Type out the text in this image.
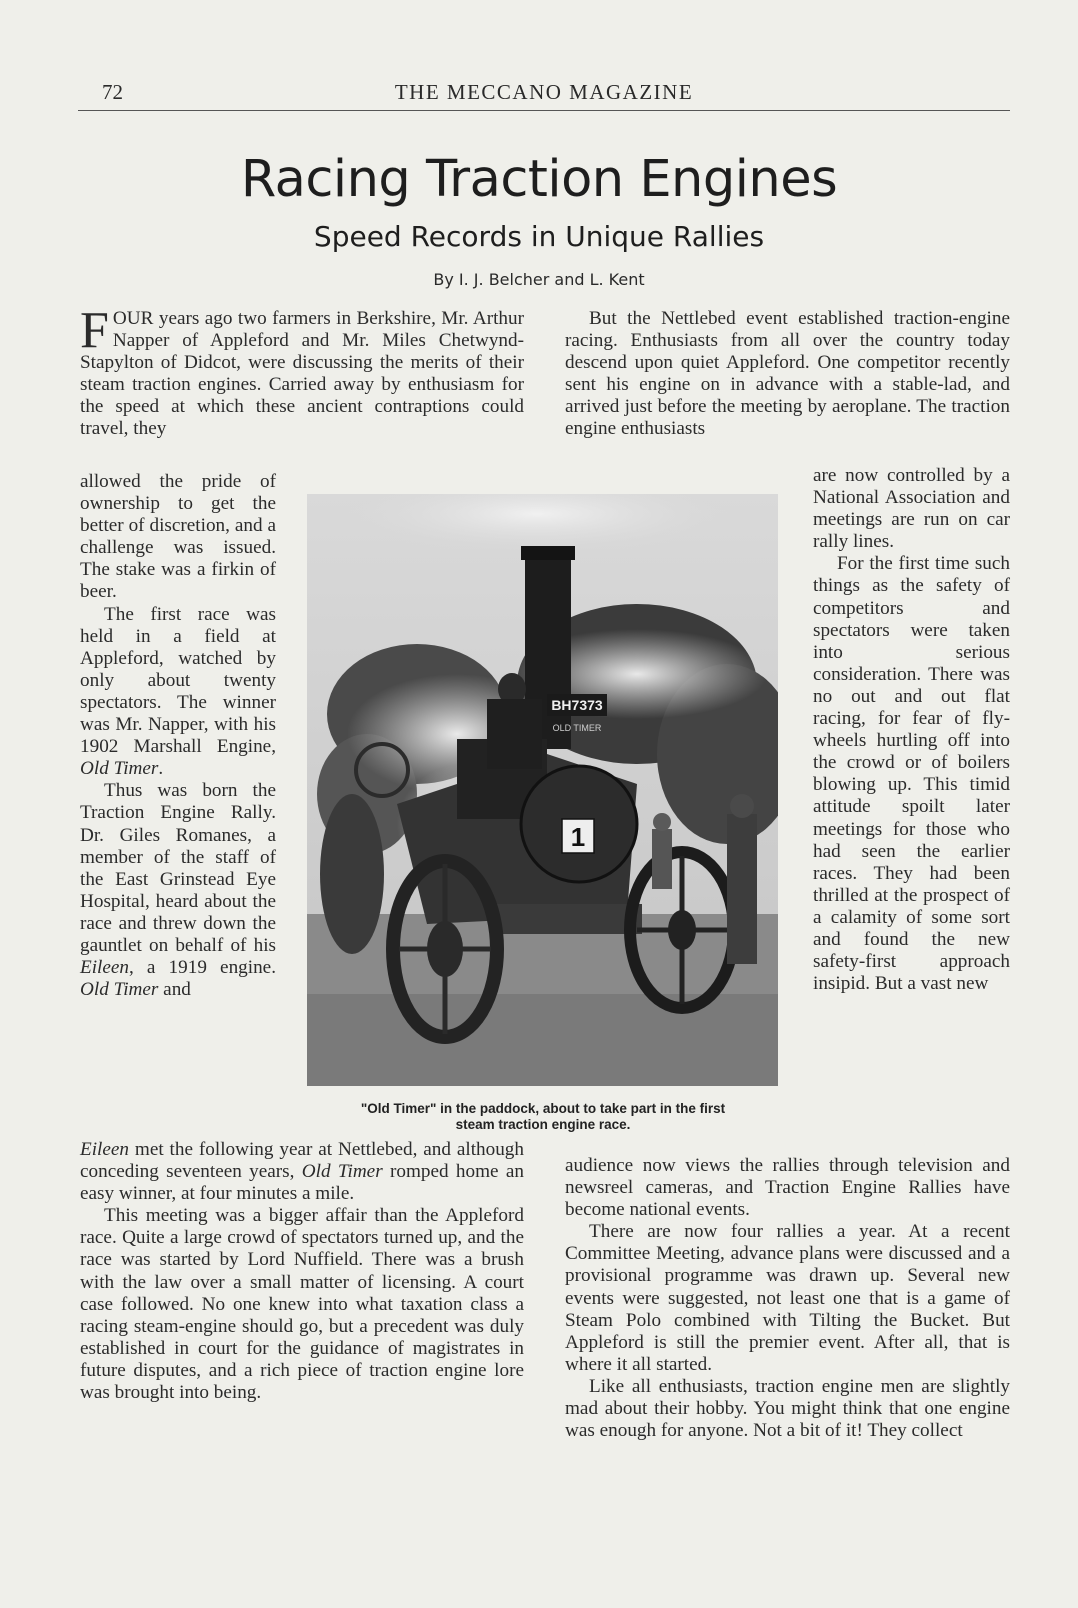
72	THE MECCANO MAGAZINE
Racing Traction Engines
Speed Records in Unique Rallies
By I. J. Belcher and L. Kent

FOUR years ago two farmers in Berkshire, Mr. Arthur Napper of Appleford and Mr. Miles Chetwynd-Stapylton of Didcot, were discussing the merits of their steam traction engines. Carried away by enthusiasm for the speed at which these ancient contraptions could travel, they

allowed the pride of ownership to get the better of discretion, and a challenge was issued. The stake was a firkin of beer.

The first race was held in a field at Appleford, watched by only about twenty spectators. The winner was Mr. Napper, with his 1902 Marshall Engine, Old Timer.

Thus was born the Traction Engine Rally. Dr. Giles Romanes, a member of the staff of the East Grinstead Eye Hospital, heard about the race and threw down the gauntlet on behalf of his Eileen, a 1919 engine. Old Timer and

Eileen met the following year at Nettlebed, and although conceding seventeen years, Old Timer romped home an easy winner, at four minutes a mile.

This meeting was a bigger affair than the Appleford race. Quite a large crowd of spectators turned up, and the race was started by Lord Nuffield. There was a brush with the law over a small matter of licensing. A court case followed. No one knew into what taxation class a racing steam-engine should go, but a precedent was duly established in court for the guidance of magistrates in future disputes, and a rich piece of traction engine lore was brought into being.

But the Nettlebed event established traction-engine racing. Enthusiasts from all over the country today descend upon quiet Appleford. One competitor recently sent his engine on in advance with a stable-lad, and arrived just before the meeting by aeroplane. The traction engine enthusiasts

are now controlled by a National Association and meetings are run on car rally lines.

For the first time such things as the safety of competitors and spectators were taken into serious consideration. There was no out and out flat racing, for fear of fly-wheels hurtling off into the crowd or of boilers blowing up. This timid attitude spoilt later meetings for those who had seen the earlier races. They had been thrilled at the prospect of a calamity of some sort and found the new safety-first approach insipid. But a vast new

audience now views the rallies through television and newsreel cameras, and Traction Engine Rallies have become national events.

There are now four rallies a year. At a recent Committee Meeting, advance plans were discussed and a provisional programme was drawn up. Several new events were suggested, not least one that is a game of Steam Polo combined with Tilting the Bucket. But Appleford is still the premier event. After all, that is where it all started.

Like all enthusiasts, traction engine men are slightly mad about their hobby. You might think that one engine was enough for anyone. Not a bit of it! They collect

1
BH7373
OLD TIMER
"Old Timer" in the paddock, about to take part in the first
steam traction engine race.
